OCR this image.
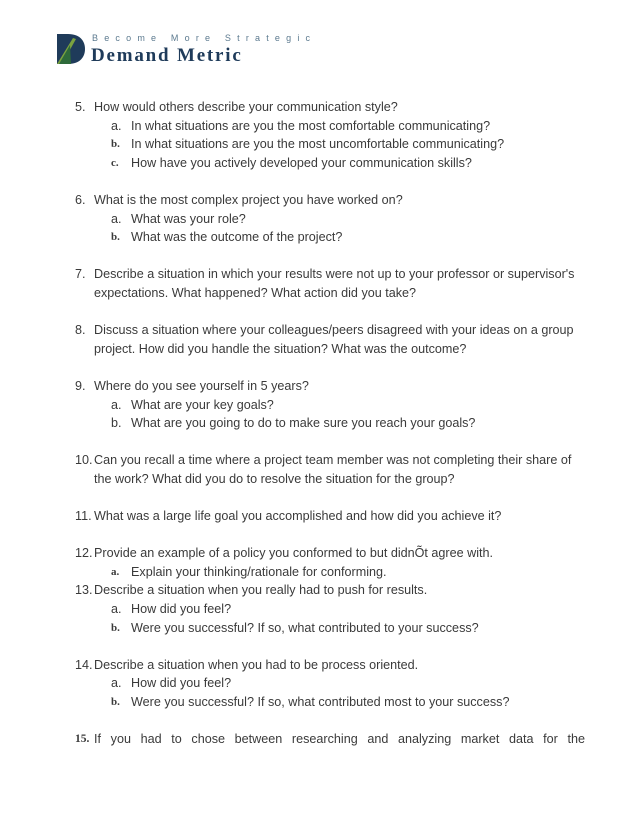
Become More Strategic
Demand Metric
5. How would others describe your communication style?
a. In what situations are you the most comfortable communicating?
b. In what situations are you the most uncomfortable communicating?
c. How have you actively developed your communication skills?
6. What is the most complex project you have worked on?
a. What was your role?
b. What was the outcome of the project?
7. Describe a situation in which your results were not up to your professor or supervisor's
expectations. What happened? What action did you take?
8. Discuss a situation where your colleagues/peers disagreed with your ideas on a group
project. How did you handle the situation? What was the outcome?
9. Where do you see yourself in 5 years?
a. What are your key goals?
b. What are you going to do to make sure you reach your goals?
10. Can you recall a time where a project team member was not completing their share of
the work? What did you do to resolve the situation for the group?
11. What was a large life goal you accomplished and how did you achieve it?
12. Provide an example of a policy you conformed to but didnÕt agree with.
a. Explain your thinking/rationale for conforming.
13. Describe a situation when you really had to push for results.
a. How did you feel?
b. Were you successful? If so, what contributed to your success?
14. Describe a situation when you had to be process oriented.
a. How did you feel?
b. Were you successful? If so, what contributed most to your success?
15. If you had to chose between researching and analyzing market data for the
